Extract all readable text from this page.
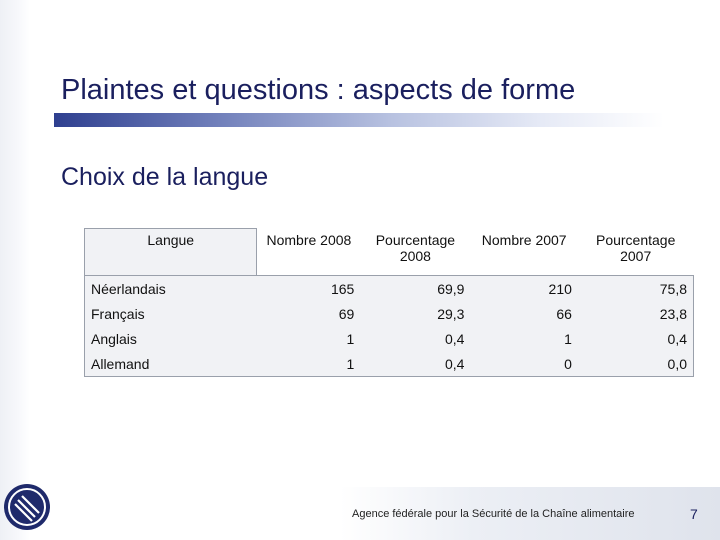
Plaintes et questions : aspects de forme
Choix de la langue
Langue	Nombre 2008	Pourcentage 2008	Nombre 2007	Pourcentage 2007
Néerlandais	165	69,9	210	75,8
Français	69	29,3	66	23,8
Anglais	1	0,4	1	0,4
Allemand	1	0,4	0	0,0
Agence fédérale pour la Sécurité de la Chaîne alimentaire	7
